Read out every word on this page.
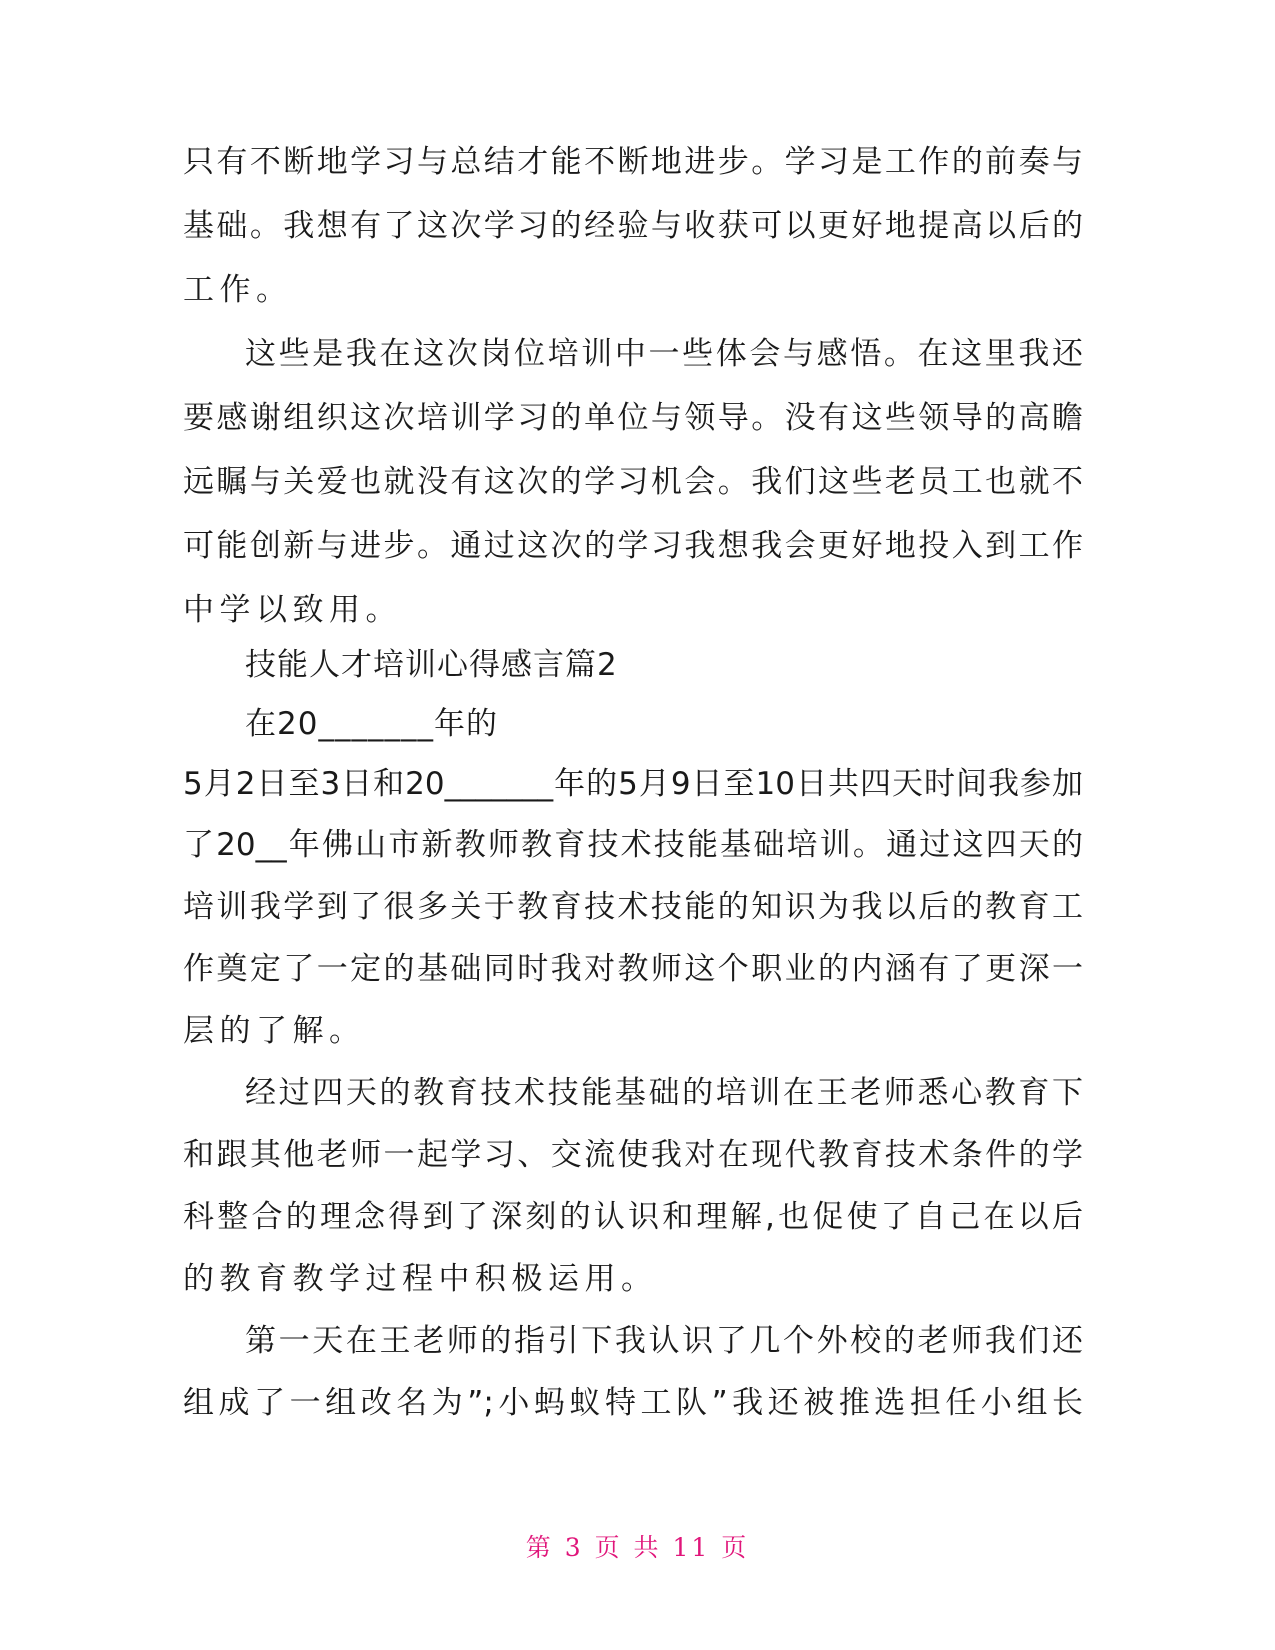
只有不断地学习与总结才能不断地进步。学习是工作的前奏与
基础。我想有了这次学习的经验与收获可以更好地提高以后的
工作。
这些是我在这次岗位培训中一些体会与感悟。在这里我还
要感谢组织这次培训学习的单位与领导。没有这些领导的高瞻
远瞩与关爱也就没有这次的学习机会。我们这些老员工也就不
可能创新与进步。通过这次的学习我想我会更好地投入到工作
中学以致用。
技能人才培训心得感言篇2
在20_______年的
5月2日至3日和20_______年的5月9日至10日共四天时间我参加
了20__年佛山市新教师教育技术技能基础培训。通过这四天的
培训我学到了很多关于教育技术技能的知识为我以后的教育工
作奠定了一定的基础同时我对教师这个职业的内涵有了更深一
层的了解。
经过四天的教育技术技能基础的培训在王老师悉心教育下
和跟其他老师一起学习、交流使我对在现代教育技术条件的学
科整合的理念得到了深刻的认识和理解,也促使了自己在以后
的教育教学过程中积极运用。
第一天在王老师的指引下我认识了几个外校的老师我们还
组成了一组改名为”;小蚂蚁特工队”我还被推选担任小组长
第 3 页 共 11 页
